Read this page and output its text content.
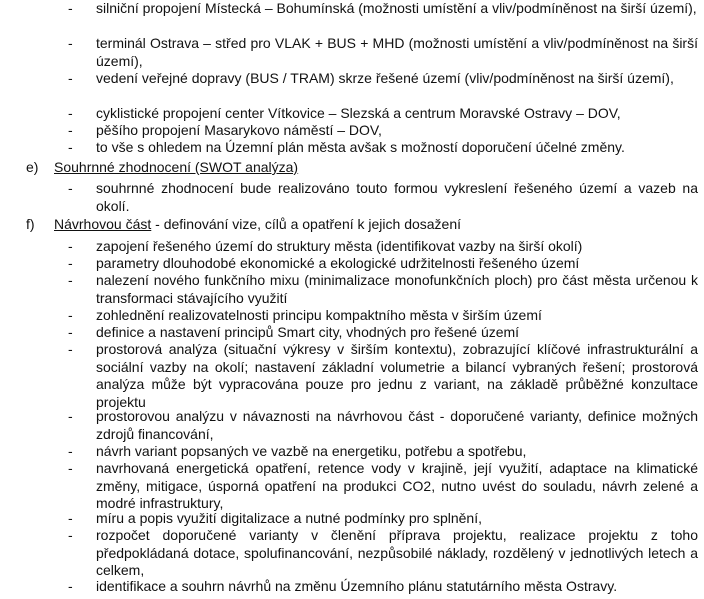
- silniční propojení Místecká – Bohumínská (možnosti umístění a vliv/podmíněnost na širší území),
- terminál Ostrava – střed pro VLAK + BUS + MHD (možnosti umístění a vliv/podmíněnost na širší území),
- vedení veřejné dopravy (BUS / TRAM) skrze řešené území (vliv/podmíněnost na širší území),
- cyklistické propojení center Vítkovice – Slezská a centrum Moravské Ostravy – DOV,
- pěšího propojení Masarykovo náměstí – DOV,
- to vše s ohledem na Územní plán města avšak s možností doporučení účelné změny.
e) Souhrnné zhodnocení (SWOT analýza)
- souhrnné zhodnocení bude realizováno touto formou vykreslení řešeného území a vazeb na okolí.
f) Návrhovou část - definování vize, cílů a opatření k jejich dosažení
- zapojení řešeného území do struktury města (identifikovat vazby na širší okolí)
- parametry dlouhodobé ekonomické a ekologické udržitelnosti řešeného území
- nalezení nového funkčního mixu (minimalizace monofunkčních ploch) pro část města určenou k transformaci stávajícího využití
- zohlednění realizovatelnosti principu kompaktního města v širším území
- definice a nastavení principů Smart city, vhodných pro řešené území
- prostorová analýza (situační výkresy v širším kontextu), zobrazující klíčové infrastrukturální a sociální vazby na okolí; nastavení základní volumetrie a bilancí vybraných řešení; prostorová analýza může být vypracována pouze pro jednu z variant, na základě průběžné konzultace projektu
- prostorovou analýzu v návaznosti na návrhovou část - doporučené varianty, definice možných zdrojů financování,
- návrh variant popsaných ve vazbě na energetiku, potřebu a spotřebu,
- navrhovaná energetická opatření, retence vody v krajině, její využití, adaptace na klimatické změny, mitigace, úsporná opatření na produkci CO2, nutno uvést do souladu, návrh zelené a modré infrastruktury,
- míru a popis využití digitalizace a nutné podmínky pro splnění,
- rozpočet doporučené varianty v členění příprava projektu, realizace projektu z toho předpokládaná dotace, spolufinancování, nezpůsobilé náklady, rozdělený v jednotlivých letech a celkem,
- identifikace a souhrn návrhů na změnu Územního plánu statutárního města Ostravy.
